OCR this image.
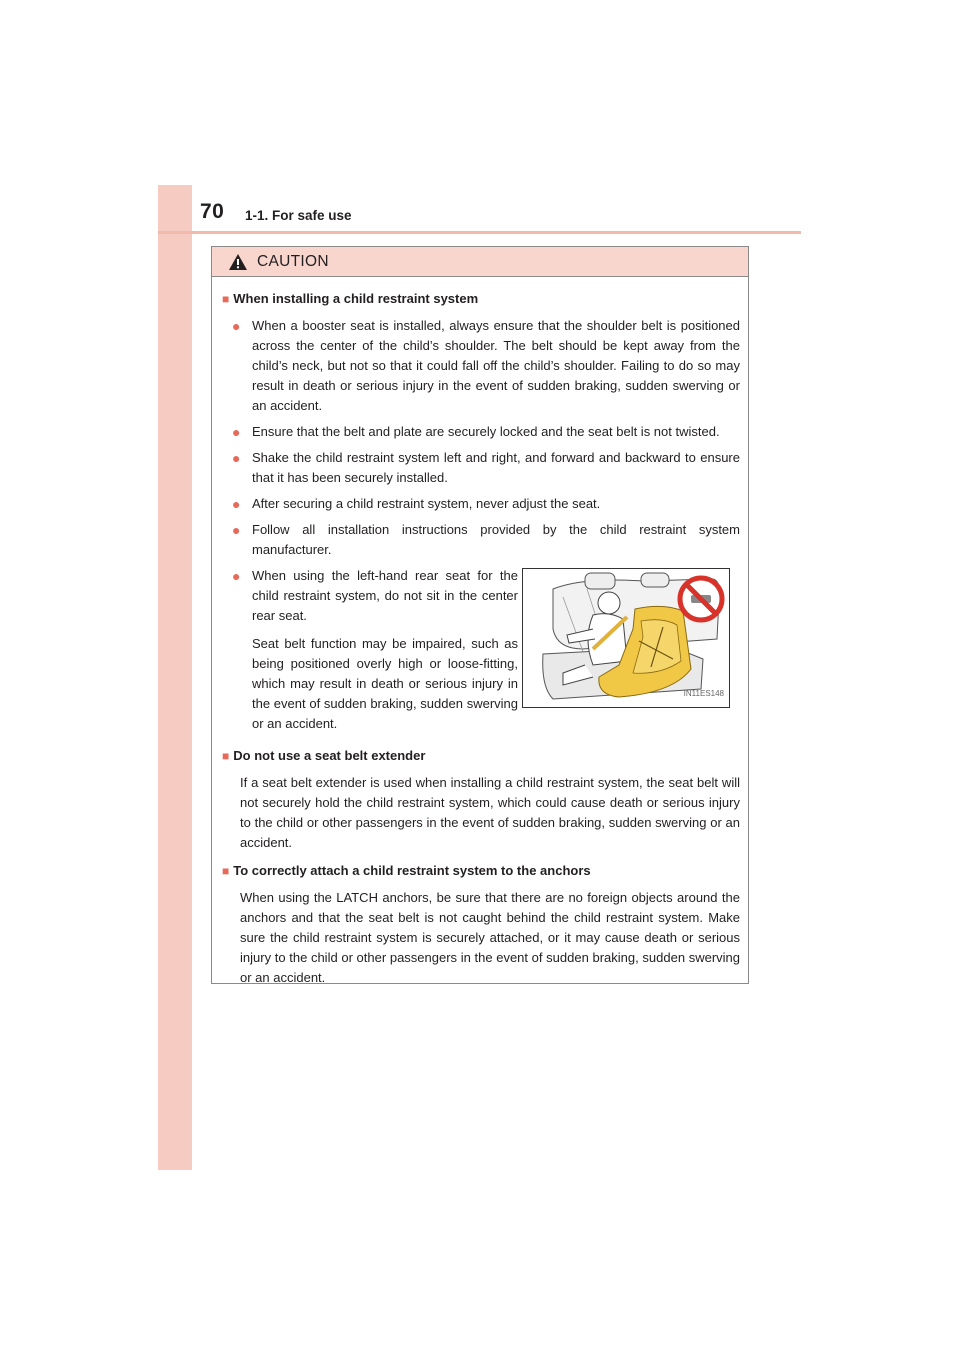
70 1-1. For safe use
CAUTION
■ When installing a child restraint system
● When a booster seat is installed, always ensure that the shoulder belt is positioned across the center of the child’s shoulder. The belt should be kept away from the child’s neck, but not so that it could fall off the child’s shoulder. Failing to do so may result in death or serious injury in the event of sudden braking, sudden swerving or an accident.
● Ensure that the belt and plate are securely locked and the seat belt is not twisted.
● Shake the child restraint system left and right, and forward and backward to ensure that it has been securely installed.
● After securing a child restraint system, never adjust the seat.
● Follow all installation instructions provided by the child restraint system manufacturer.
● When using the left-hand rear seat for the child restraint system, do not sit in the center rear seat.
Seat belt function may be impaired, such as being positioned overly high or loose-fitting, which may result in death or serious injury in the event of sudden braking, sudden swerving or an accident.
IN11ES148
■ Do not use a seat belt extender
If a seat belt extender is used when installing a child restraint system, the seat belt will not securely hold the child restraint system, which could cause death or serious injury to the child or other passengers in the event of sudden braking, sudden swerving or an accident.
■ To correctly attach a child restraint system to the anchors
When using the LATCH anchors, be sure that there are no foreign objects around the anchors and that the seat belt is not caught behind the child restraint system. Make sure the child restraint system is securely attached, or it may cause death or serious injury to the child or other passengers in the event of sudden braking, sudden swerving or an accident.
